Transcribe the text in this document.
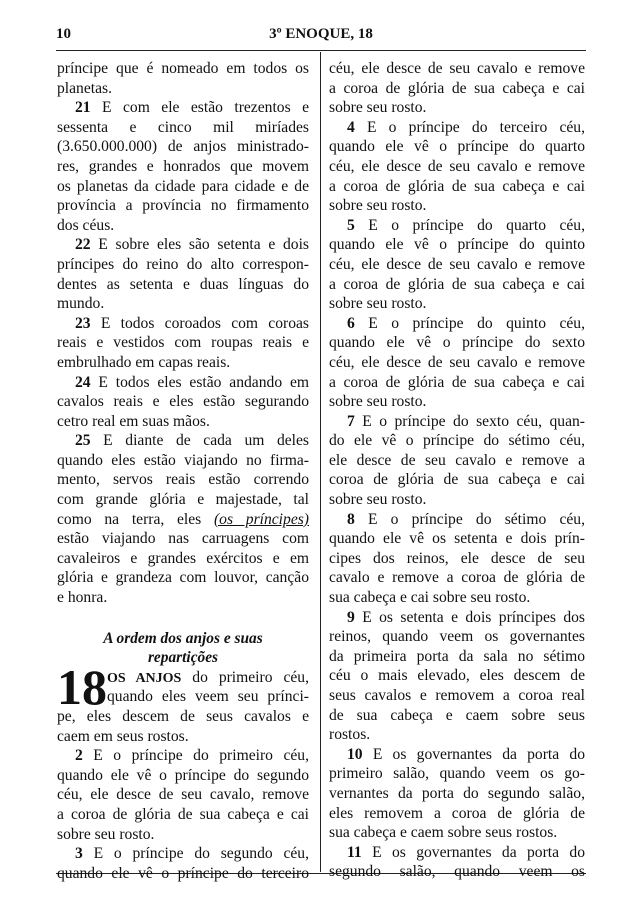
10	3º ENOQUE, 18
príncipe que é nomeado em todos os
planetas.
21 E com ele estão trezentos e
sessenta e cinco mil miríades
(3.650.000.000) de anjos ministrado-
res, grandes e honrados que movem
os planetas da cidade para cidade e de
província a província no firmamento
dos céus.
22 E sobre eles são setenta e dois
príncipes do reino do alto correspon-
dentes as setenta e duas línguas do
mundo.
23 E todos coroados com coroas
reais e vestidos com roupas reais e
embrulhado em capas reais.
24 E todos eles estão andando em
cavalos reais e eles estão segurando
cetro real em suas mãos.
25 E diante de cada um deles
quando eles estão viajando no firma-
mento, servos reais estão correndo
com grande glória e majestade, tal
como na terra, eles (os príncipes)
estão viajando nas carruagens com
cavaleiros e grandes exércitos e em
glória e grandeza com louvor, canção
e honra.
A ordem dos anjos e suas
repartições
18 OS ANJOS do primeiro céu,
quando eles veem seu prínci-
pe, eles descem de seus cavalos e
caem em seus rostos.
2 E o príncipe do primeiro céu,
quando ele vê o príncipe do segundo
céu, ele desce de seu cavalo, remove
a coroa de glória de sua cabeça e cai
sobre seu rosto.
3 E o príncipe do segundo céu,
quando ele vê o príncipe do terceiro
céu, ele desce de seu cavalo e remove
a coroa de glória de sua cabeça e cai
sobre seu rosto.
4 E o príncipe do terceiro céu,
quando ele vê o príncipe do quarto
céu, ele desce de seu cavalo e remove
a coroa de glória de sua cabeça e cai
sobre seu rosto.
5 E o príncipe do quarto céu,
quando ele vê o príncipe do quinto
céu, ele desce de seu cavalo e remove
a coroa de glória de sua cabeça e cai
sobre seu rosto.
6 E o príncipe do quinto céu,
quando ele vê o príncipe do sexto
céu, ele desce de seu cavalo e remove
a coroa de glória de sua cabeça e cai
sobre seu rosto.
7 E o príncipe do sexto céu, quan-
do ele vê o príncipe do sétimo céu,
ele desce de seu cavalo e remove a
coroa de glória de sua cabeça e cai
sobre seu rosto.
8 E o príncipe do sétimo céu,
quando ele vê os setenta e dois prín-
cipes dos reinos, ele desce de seu
cavalo e remove a coroa de glória de
sua cabeça e cai sobre seu rosto.
9 E os setenta e dois príncipes dos
reinos, quando veem os governantes
da primeira porta da sala no sétimo
céu o mais elevado, eles descem de
seus cavalos e removem a coroa real
de sua cabeça e caem sobre seus
rostos.
10 E os governantes da porta do
primeiro salão, quando veem os go-
vernantes da porta do segundo salão,
eles removem a coroa de glória de
sua cabeça e caem sobre seus rostos.
11 E os governantes da porta do
segundo salão, quando veem os
